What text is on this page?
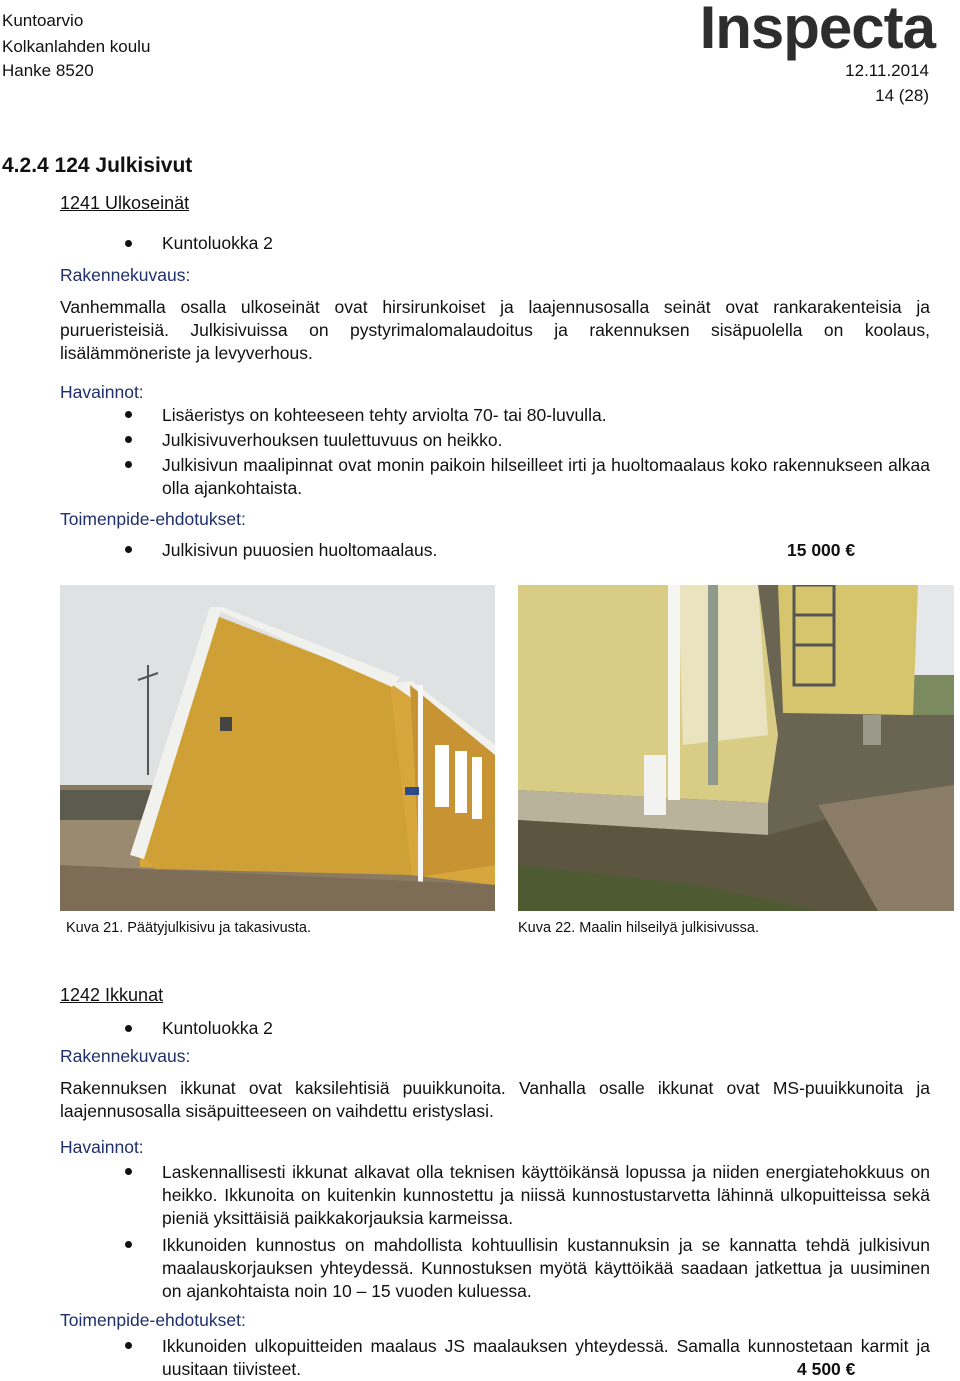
Kuntoarvio
Kolkanlahden koulu
Hanke 8520
Inspecta
12.11.2014
14 (28)
4.2.4 124 Julkisivut
1241 Ulkoseinät
Kuntoluokka 2
Rakennekuvaus:
Vanhemmalla osalla ulkoseinät ovat hirsirunkoiset ja laajennusosalla seinät ovat rankarakenteisia ja purueristeisiä. Julkisivuissa on pystyrimalomalaudoitus ja rakennuksen sisäpuolella on koolaus, lisälämmöneriste ja levyverhous.
Havainnot:
Lisäeristys on kohteeseen tehty arviolta 70- tai 80-luvulla.
Julkisivuverhouksen tuulettuvuus on heikko.
Julkisivun maalipinnat ovat monin paikoin hilseilleet irti ja huoltomaalaus koko rakennukseen alkaa olla ajankohtaista.
Toimenpide-ehdotukset:
Julkisivun puuosien huoltomaalaus.	15 000 €
Kuva 21. Päätyjulkisivu ja takasivusta.	Kuva 22. Maalin hilseilyä julkisivussa.
1242 Ikkunat
Kuntoluokka 2
Rakennekuvaus:
Rakennuksen ikkunat ovat kaksilehtisiä puuikkunoita. Vanhalla osalle ikkunat ovat MS-puuikkunoita ja laajennusosalla sisäpuitteeseen on vaihdettu eristyslasi.
Havainnot:
Laskennallisesti ikkunat alkavat olla teknisen käyttöikänsä lopussa ja niiden energiatehokkuus on heikko. Ikkunoita on kuitenkin kunnostettu ja niissä kunnostustarvetta lähinnä ulkopuitteissa sekä pieniä yksittäisiä paikkakorjauksia karmeissa.
Ikkunoiden kunnostus on mahdollista kohtuullisin kustannuksin ja se kannatta tehdä julkisivun maalauskorjauksen yhteydessä. Kunnostuksen myötä käyttöikää saadaan jatkettua ja uusiminen on ajankohtaista noin 10 – 15 vuoden kuluessa.
Toimenpide-ehdotukset:
Ikkunoiden ulkopuitteiden maalaus JS maalauksen yhteydessä. Samalla kunnostetaan karmit ja uusitaan tiivisteet.	4 500 €
